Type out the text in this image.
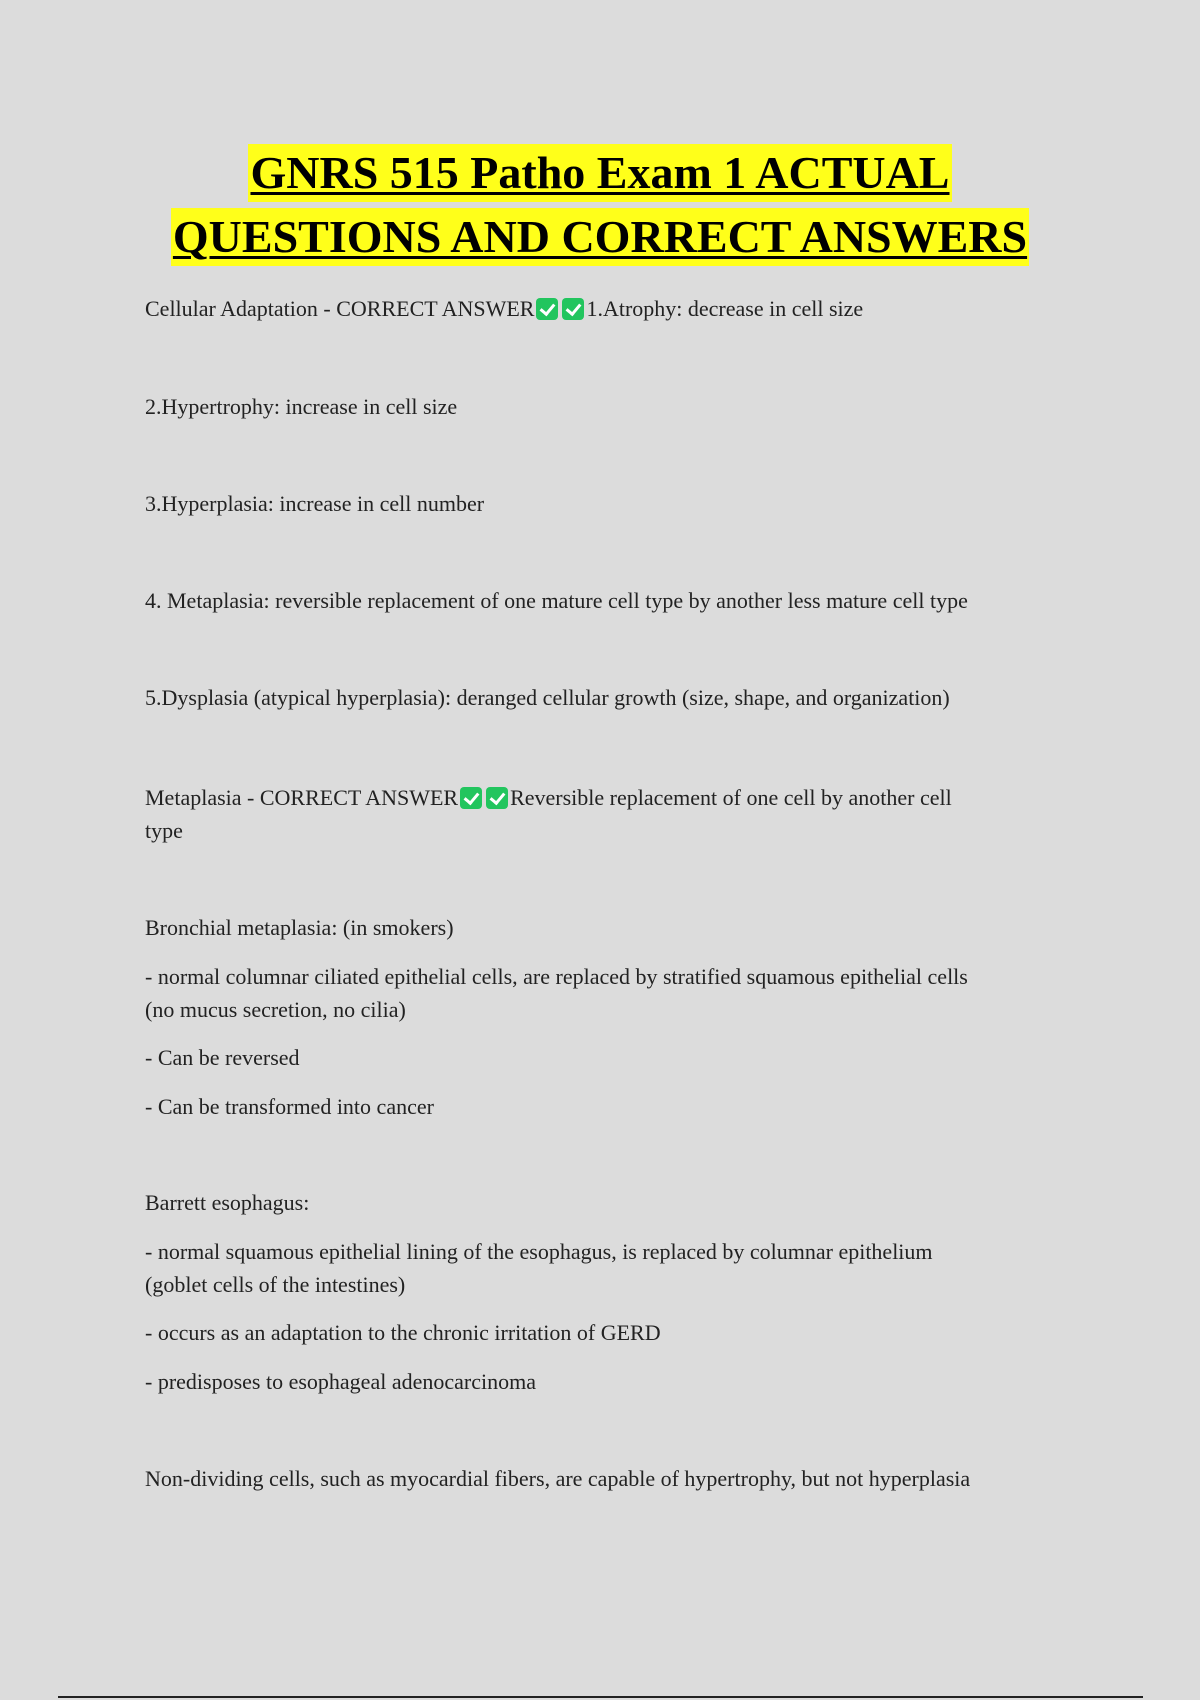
GNRS 515 Patho Exam 1 ACTUAL
QUESTIONS AND CORRECT ANSWERS
Cellular Adaptation - CORRECT ANSWER 1.Atrophy: decrease in cell size
2.Hypertrophy: increase in cell size
3.Hyperplasia: increase in cell number
4. Metaplasia: reversible replacement of one mature cell type by another less mature cell type
5.Dysplasia (atypical hyperplasia): deranged cellular growth (size, shape, and organization)
Metaplasia - CORRECT ANSWER Reversible replacement of one cell by another cell
type
Bronchial metaplasia: (in smokers)
- normal columnar ciliated epithelial cells, are replaced by stratified squamous epithelial cells
(no mucus secretion, no cilia)
- Can be reversed
- Can be transformed into cancer
Barrett esophagus:
- normal squamous epithelial lining of the esophagus, is replaced by columnar epithelium
(goblet cells of the intestines)
- occurs as an adaptation to the chronic irritation of GERD
- predisposes to esophageal adenocarcinoma
Non-dividing cells, such as myocardial fibers, are capable of hypertrophy, but not hyperplasia
